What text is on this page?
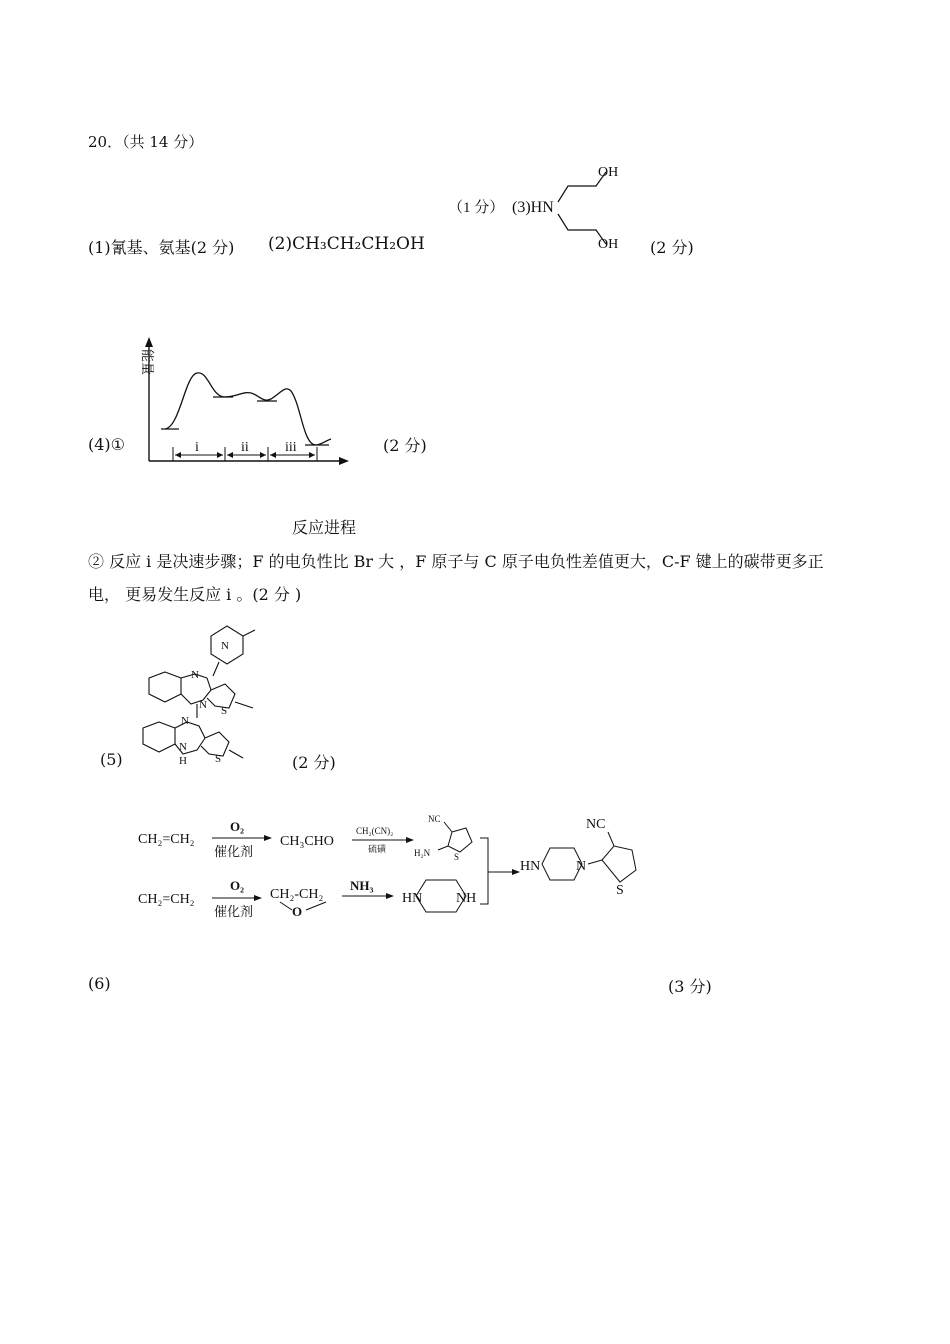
20．（共 14 分）
（1 分） (3)HN
OH
OH (2 分)
(1)氰基、氨基(2 分) (2)CH₃CH₂CH₂OH
(4)①
能量
i	ii	iii	(2 分)
反应进程
② 反应 i 是决速步骤；F 的电负性比 Br 大 ，F 原子与 C 原子电负性差值更大，C-F 键上的碳带更多正
电， 更易发生反应 i 。(2 分 )
(5)
N
N
N S
N
S
N
H	(2 分)
CH₂=CH₂
O₂
催化剂
CH₃CHO
CH₂(CN)₂
硫磺
NC
H₂N	S
CH₂=CH₂
O₂
催化剂
CH₂-CH₂
O
NH₃

HN NH
HN	N
NC
S
(6)	(3 分)
